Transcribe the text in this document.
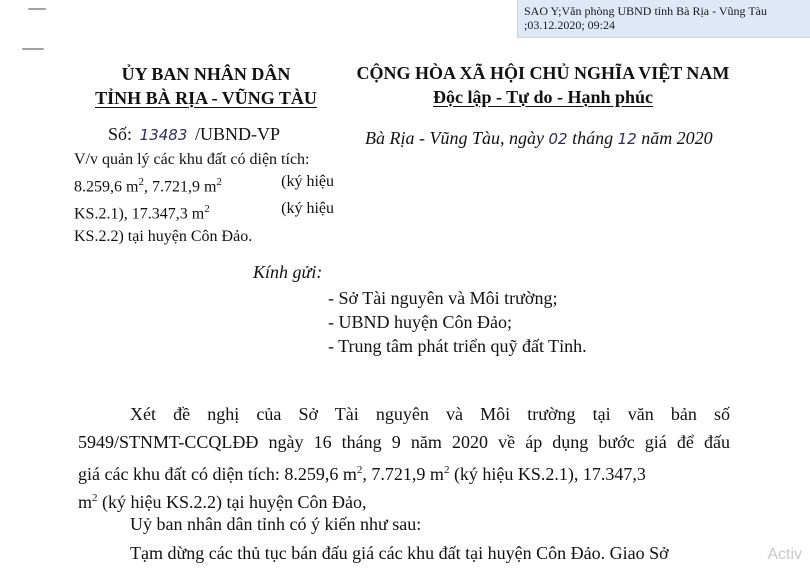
SAO Y;Văn phòng UBND tỉnh Bà Rịa - Vũng Tàu
;03.12.2020; 09:24
ỦY BAN NHÂN DÂN
TỈNH BÀ RỊA - VŨNG TÀU
Số: 13483 /UBND-VP
V/v quản lý các khu đất có diện tích:
8.259,6 $m^2$, 7.721,9 $m^2$	(ký hiệu
KS.2.1), 17.347,3 $m^2$	(ký hiệu
KS.2.2) tại huyện Côn Đảo.
CỘNG HÒA XÃ HỘI CHỦ NGHĨA VIỆT NAM
Độc lập - Tự do - Hạnh phúc
Bà Rịa - Vũng Tàu, ngày 02 tháng 12 năm 2020
Kính gửi:
- Sở Tài nguyên và Môi trường;
- UBND huyện Côn Đảo;
- Trung tâm phát triển quỹ đất Tỉnh.
Xét đề nghị của Sở Tài nguyên và Môi trường tại văn bản số
5949/STNMT-CCQLĐĐ ngày 16 tháng 9 năm 2020 về áp dụng bước giá để đấu
giá các khu đất có diện tích: 8.259,6 $m^2$, 7.721,9 $m^2$ (ký hiệu KS.2.1), 17.347,3
$m^2$ (ký hiệu KS.2.2) tại huyện Côn Đảo,
Uỷ ban nhân dân tỉnh có ý kiến như sau:
Tạm dừng các thủ tục bán đấu giá các khu đất tại huyện Côn Đảo. Giao Sở	Activ
